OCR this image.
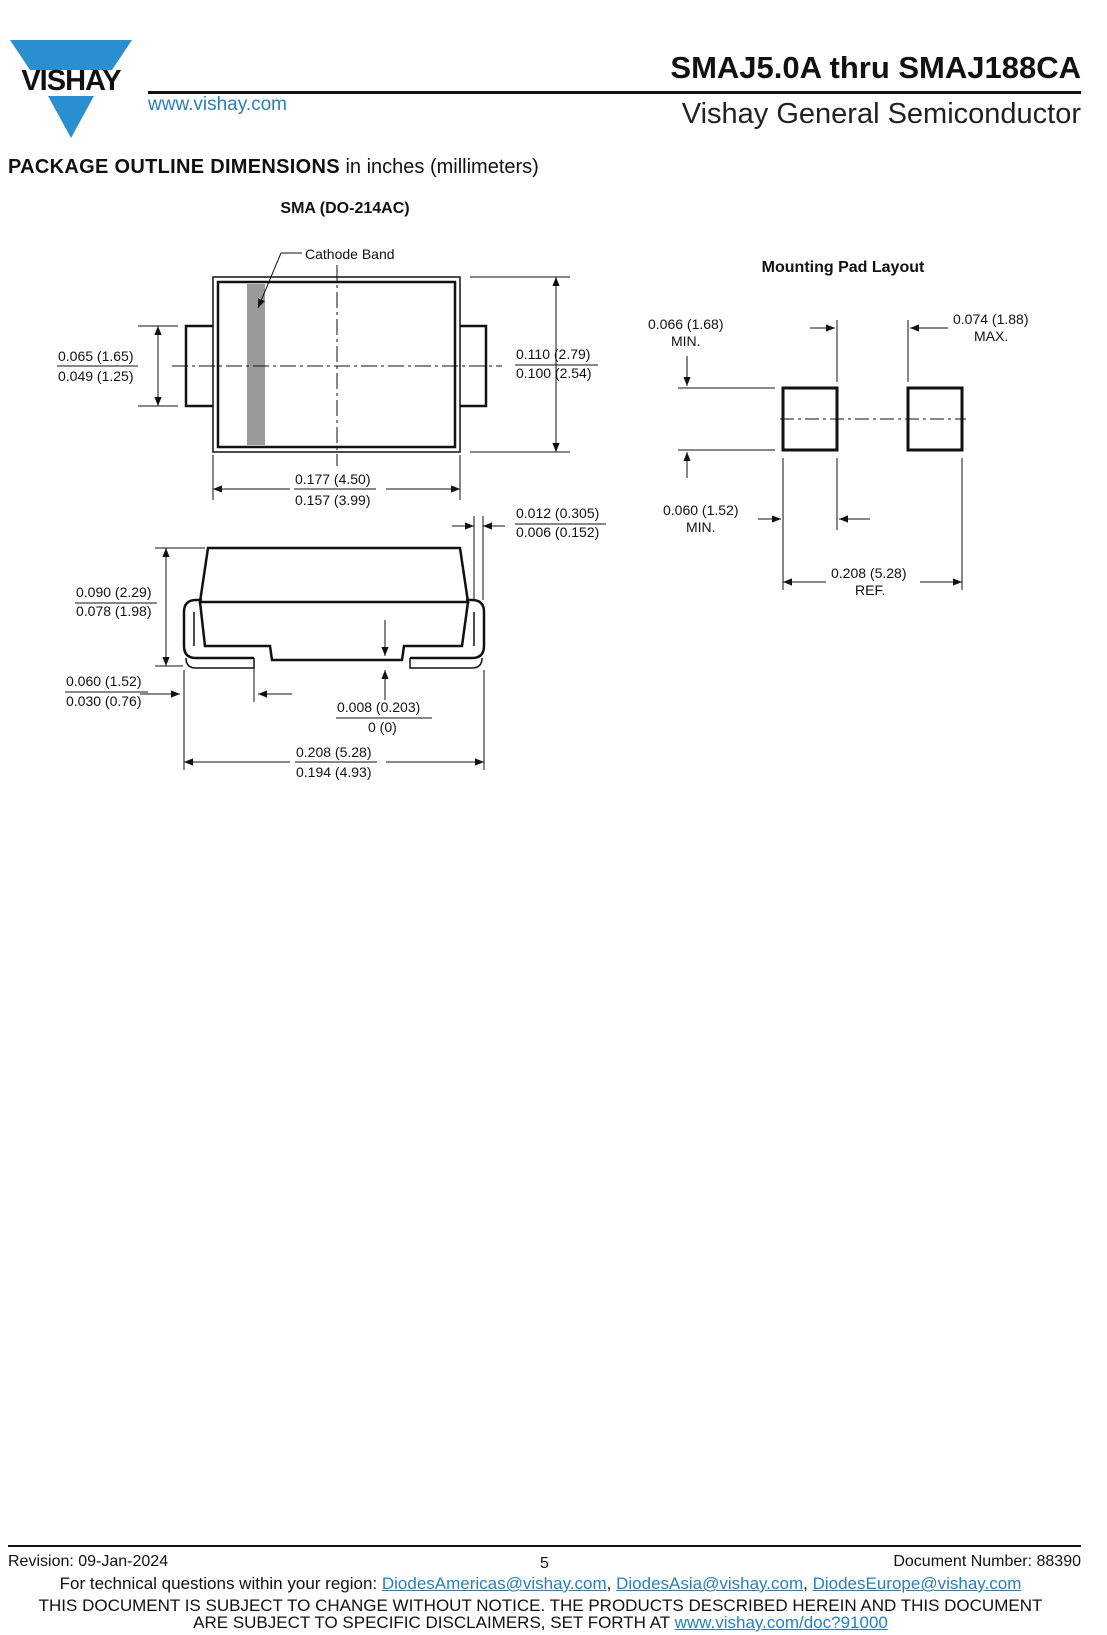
VISHAY
www.vishay.com
SMAJ5.0A thru SMAJ188CA
Vishay General Semiconductor
PACKAGE OUTLINE DIMENSIONS in inches (millimeters)
SMA (DO-214AC)
Mounting Pad Layout
Cathode Band
0.065 (1.65)
0.049 (1.25)
0.110 (2.79)
0.100 (2.54)
0.177 (4.50)
0.157 (3.99)
0.012 (0.305)
0.006 (0.152)
0.090 (2.29)
0.078 (1.98)
0.060 (1.52)
0.030 (0.76)	0.008 (0.203)
0 (0)
0.208 (5.28)
0.194 (4.93)
0.066 (1.68)
MIN.
0.074 (1.88)
MAX.
0.060 (1.52)
MIN.
0.208 (5.28)
REF.
Revision: 09-Jan-2024	5	Document Number: 88390
For technical questions within your region: DiodesAmericas@vishay.com, DiodesAsia@vishay.com, DiodesEurope@vishay.com
THIS DOCUMENT IS SUBJECT TO CHANGE WITHOUT NOTICE. THE PRODUCTS DESCRIBED HEREIN AND THIS DOCUMENT
ARE SUBJECT TO SPECIFIC DISCLAIMERS, SET FORTH AT www.vishay.com/doc?91000
